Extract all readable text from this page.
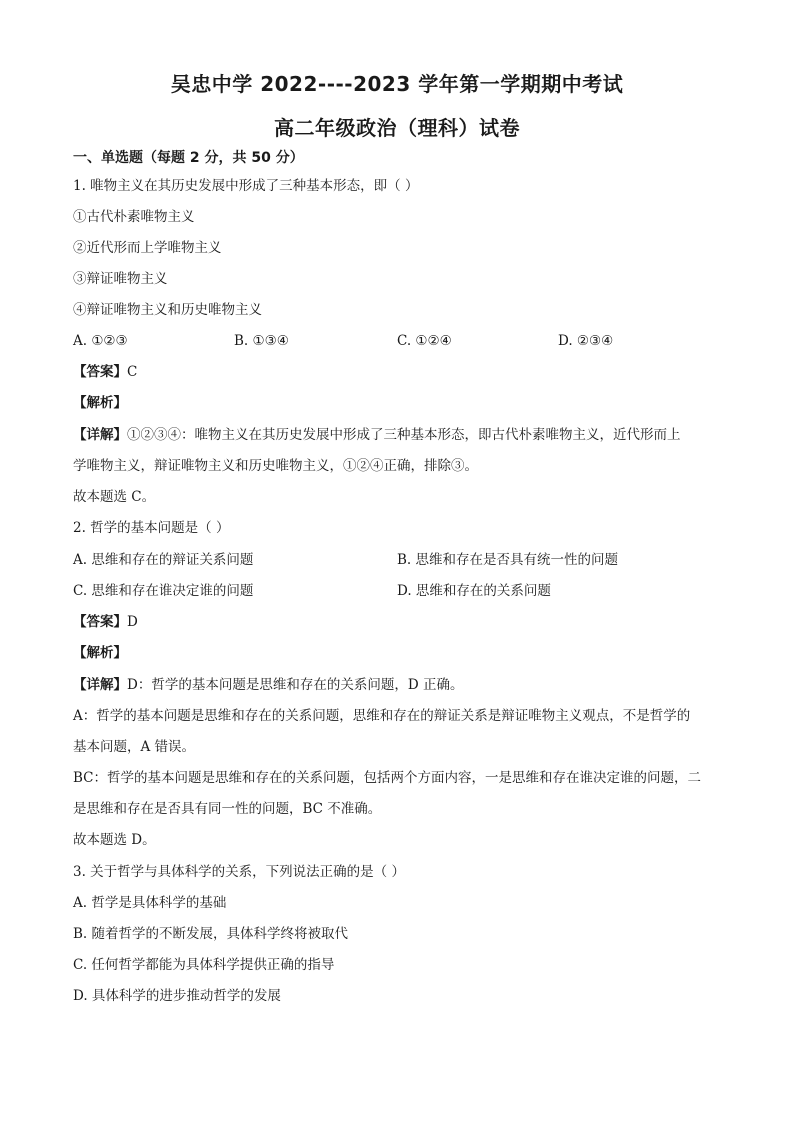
吴忠中学 2022----2023 学年第一学期期中考试
高二年级政治（理科）试卷
一、单选题（每题 2 分，共 50 分）
1. 唯物主义在其历史发展中形成了三种基本形态，即（ ）
①古代朴素唯物主义
②近代形而上学唯物主义
③辩证唯物主义
④辩证唯物主义和历史唯物主义
A. ①②③	B. ①③④	C. ①②④	D. ②③④
【答案】C
【解析】
【详解】①②③④：唯物主义在其历史发展中形成了三种基本形态，即古代朴素唯物主义，近代形而上
学唯物主义，辩证唯物主义和历史唯物主义，①②④正确，排除③。
故本题选 C。
2. 哲学的基本问题是（ ）
A. 思维和存在的辩证关系问题	B. 思维和存在是否具有统一性的问题
C. 思维和存在谁决定谁的问题	D. 思维和存在的关系问题
【答案】D
【解析】
【详解】D：哲学的基本问题是思维和存在的关系问题，D 正确。
A：哲学的基本问题是思维和存在的关系问题，思维和存在的辩证关系是辩证唯物主义观点，不是哲学的
基本问题，A 错误。
BC：哲学的基本问题是思维和存在的关系问题，包括两个方面内容，一是思维和存在谁决定谁的问题，二
是思维和存在是否具有同一性的问题，BC 不准确。
故本题选 D。
3. 关于哲学与具体科学的关系，下列说法正确的是（ ）
A. 哲学是具体科学的基础
B. 随着哲学的不断发展，具体科学终将被取代
C. 任何哲学都能为具体科学提供正确的指导
D. 具体科学的进步推动哲学的发展
